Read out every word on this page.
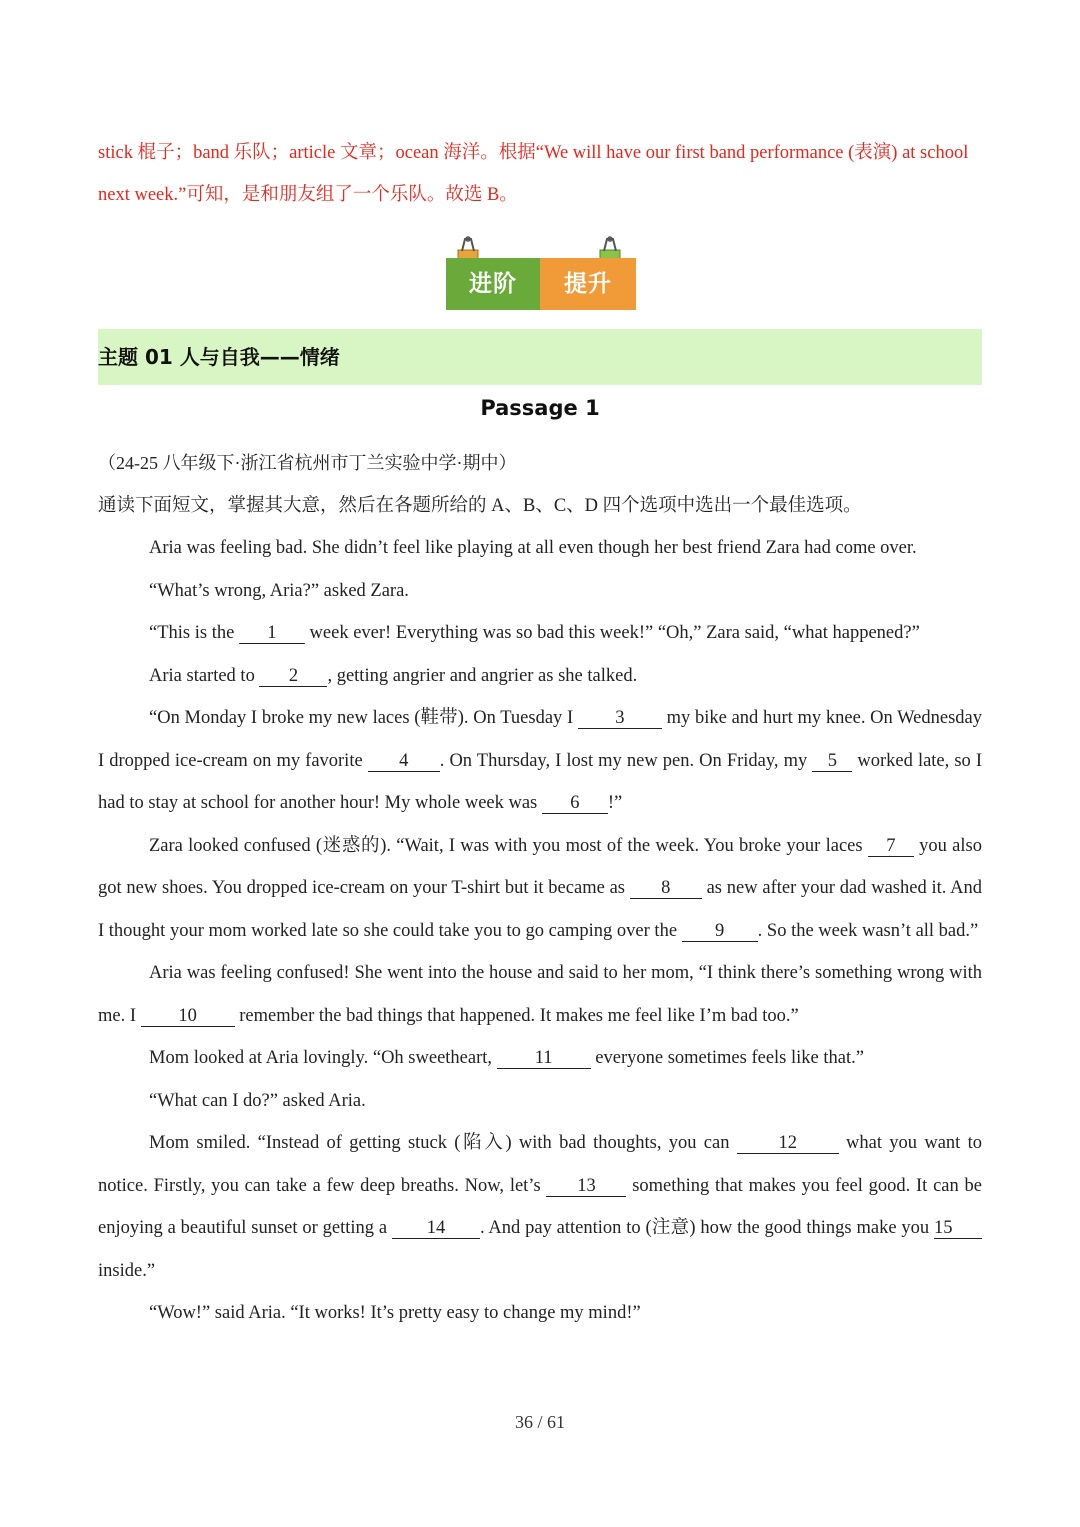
stick 棍子；band 乐队；article 文章；ocean 海洋。根据“We will have our first band performance (表演) at school

next week.”可知，是和朋友组了一个乐队。故选 B。

进阶	提升
主题 01 人与自我——情绪
Passage 1
（24-25 八年级下·浙江省杭州市丁兰实验中学·期中）
通读下面短文，掌握其大意，然后在各题所给的 A、B、C、D 四个选项中选出一个最佳选项。

Aria was feeling bad. She didn’t feel like playing at all even though her best friend Zara had come over.

“What’s wrong, Aria?” asked Zara.

“This is the 1 week ever! Everything was so bad this week!” “Oh,” Zara said, “what happened?”

Aria started to 2 , getting angrier and angrier as she talked.

“On Monday I broke my new laces (鞋带). On Tuesday I 3 my bike and hurt my knee. On Wednesday I dropped ice-cream on my favorite 4 . On Thursday, I lost my new pen. On Friday, my 5 worked late, so I had to stay at school for another hour! My whole week was 6 !”

Zara looked confused (迷惑的). “Wait, I was with you most of the week. You broke your laces 7 you also got new shoes. You dropped ice-cream on your T-shirt but it became as 8 as new after your dad washed it. And I thought your mom worked late so she could take you to go camping over the 9 . So the week wasn’t all bad.”

Aria was feeling confused! She went into the house and said to her mom, “I think there’s something wrong with me. I 10 remember the bad things that happened. It makes me feel like I’m bad too.”

Mom looked at Aria lovingly. “Oh sweetheart, 11 everyone sometimes feels like that.”

“What can I do?” asked Aria.

Mom smiled. “Instead of getting stuck (陷入) with bad thoughts, you can 12 what you want to notice. Firstly, you can take a few deep breaths. Now, let’s 13 something that makes you feel good. It can be enjoying a beautiful sunset or getting a 14 . And pay attention to (注意) how the good things make you 15 inside.”

“Wow!” said Aria. “It works! It’s pretty easy to change my mind!”

36 / 61
